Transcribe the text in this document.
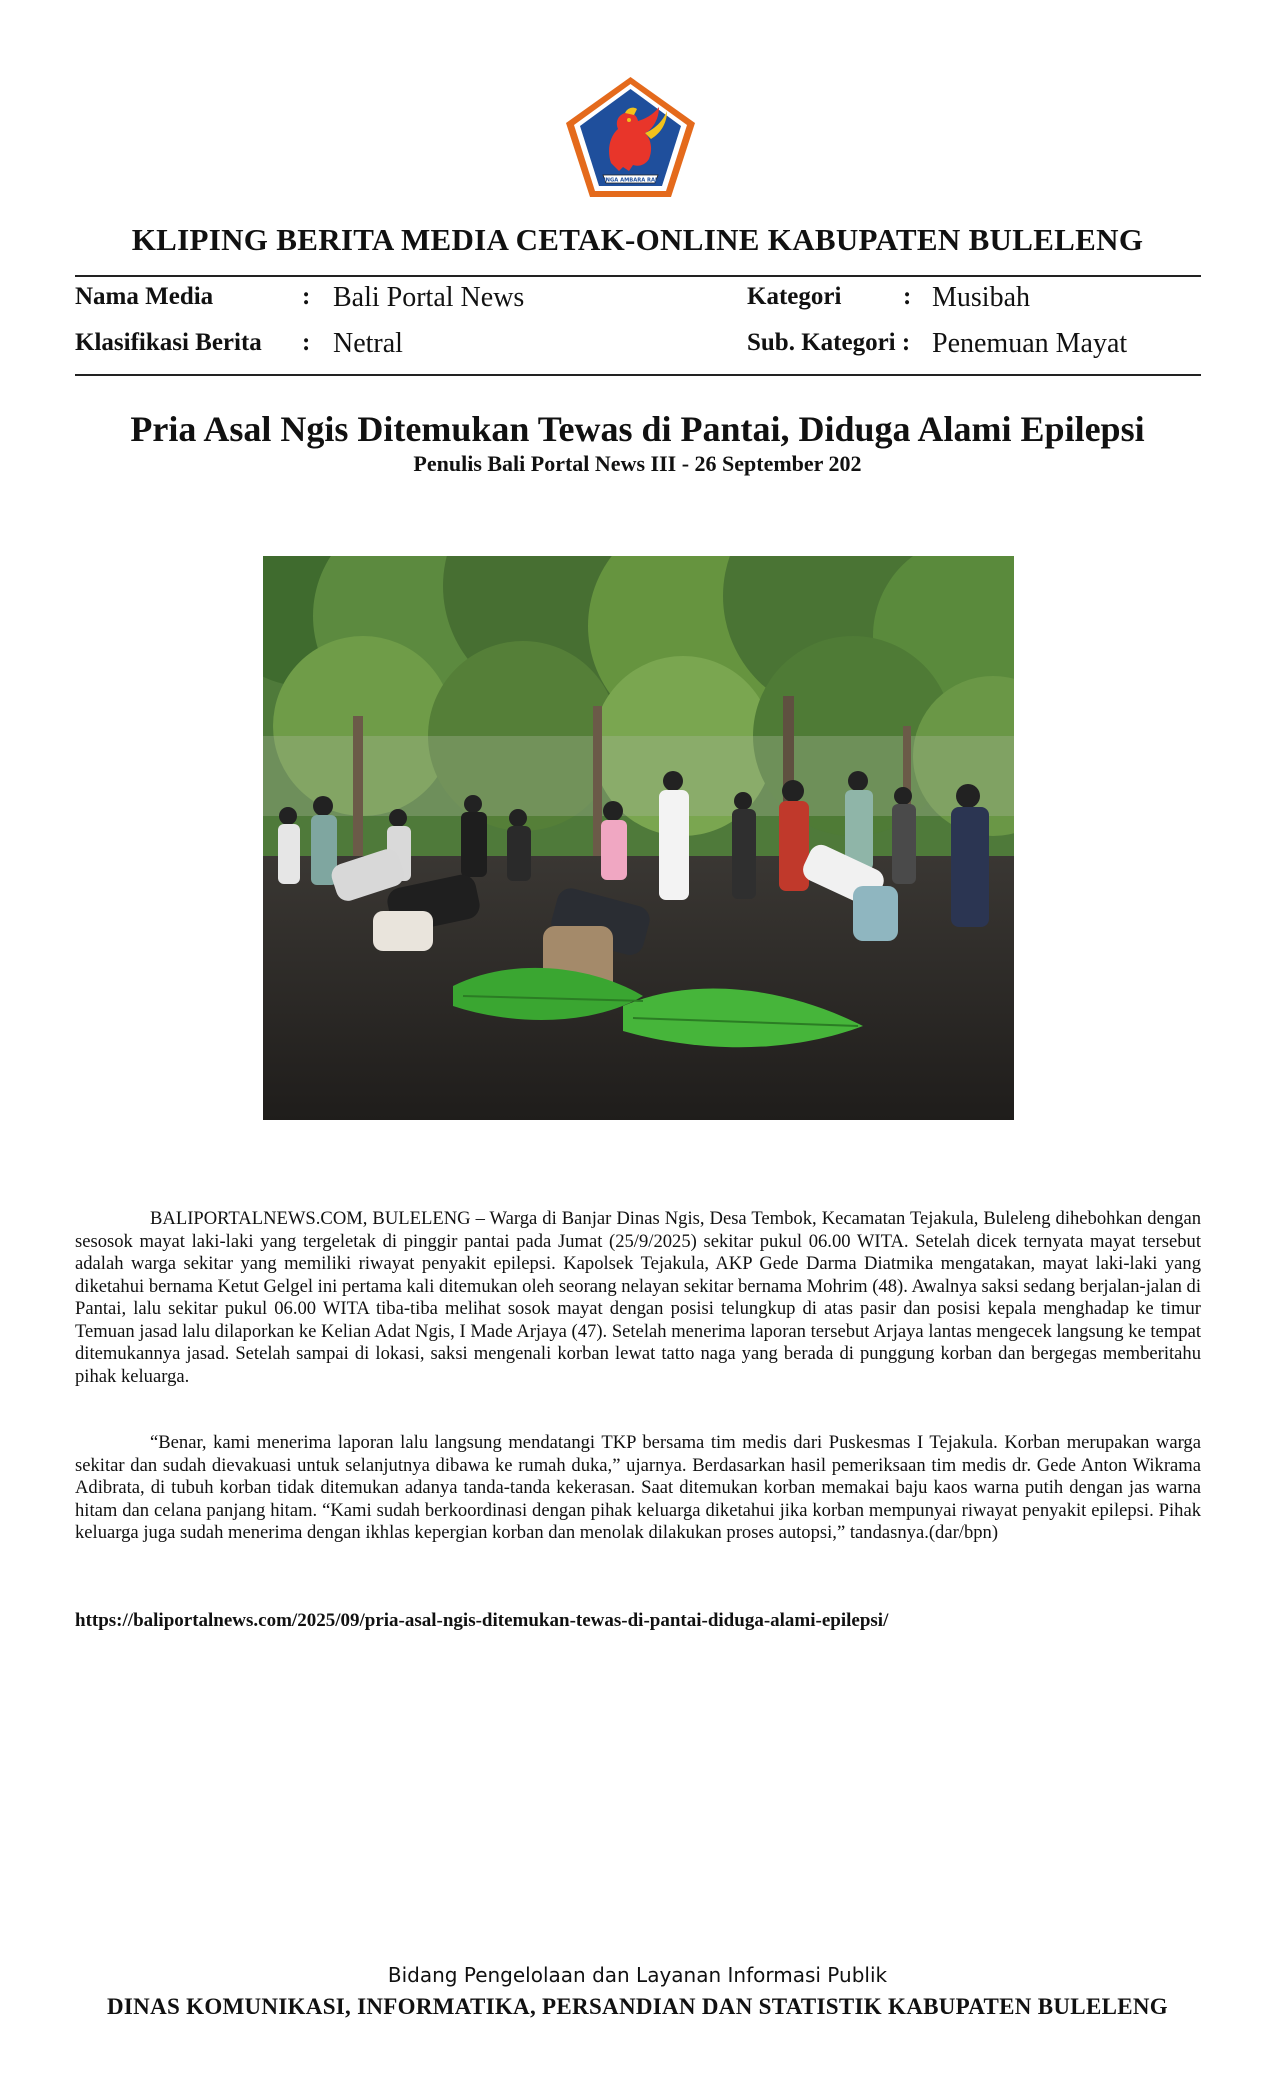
SINGA AMBARA RAJA
KLIPING BERITA MEDIA CETAK-ONLINE KABUPATEN BULELENG
Nama Media	: Bali Portal News	Kategori : Musibah
Klasifikasi Berita : Netral	Sub. Kategori : Penemuan Mayat
Pria Asal Ngis Ditemukan Tewas di Pantai, Diduga Alami Epilepsi
Penulis Bali Portal News III - 26 September 202

BALIPORTALNEWS.COM, BULELENG – Warga di Banjar Dinas Ngis, Desa Tembok, Kecamatan Tejakula, Buleleng dihebohkan dengan sesosok mayat laki-laki yang tergeletak di pinggir pantai pada Jumat (25/9/2025) sekitar pukul 06.00 WITA. Setelah dicek ternyata mayat tersebut adalah warga sekitar yang memiliki riwayat penyakit epilepsi. Kapolsek Tejakula, AKP Gede Darma Diatmika mengatakan, mayat laki-laki yang diketahui bernama Ketut Gelgel ini pertama kali ditemukan oleh seorang nelayan sekitar bernama Mohrim (48). Awalnya saksi sedang berjalan-jalan di Pantai, lalu sekitar pukul 06.00 WITA tiba-tiba melihat sosok mayat dengan posisi telungkup di atas pasir dan posisi kepala menghadap ke timur Temuan jasad lalu dilaporkan ke Kelian Adat Ngis, I Made Arjaya (47). Setelah menerima laporan tersebut Arjaya lantas mengecek langsung ke tempat ditemukannya jasad. Setelah sampai di lokasi, saksi mengenali korban lewat tatto naga yang berada di punggung korban dan bergegas memberitahu pihak keluarga.

“Benar, kami menerima laporan lalu langsung mendatangi TKP bersama tim medis dari Puskesmas I Tejakula. Korban merupakan warga sekitar dan sudah dievakuasi untuk selanjutnya dibawa ke rumah duka,” ujarnya. Berdasarkan hasil pemeriksaan tim medis dr. Gede Anton Wikrama Adibrata, di tubuh korban tidak ditemukan adanya tanda-tanda kekerasan. Saat ditemukan korban memakai baju kaos warna putih dengan jas warna hitam dan celana panjang hitam. “Kami sudah berkoordinasi dengan pihak keluarga diketahui jika korban mempunyai riwayat penyakit epilepsi. Pihak keluarga juga sudah menerima dengan ikhlas kepergian korban dan menolak dilakukan proses autopsi,” tandasnya.(dar/bpn)

https://baliportalnews.com/2025/09/pria-asal-ngis-ditemukan-tewas-di-pantai-diduga-alami-epilepsi/
Bidang Pengelolaan dan Layanan Informasi Publik
DINAS KOMUNIKASI, INFORMATIKA, PERSANDIAN DAN STATISTIK KABUPATEN BULELENG
